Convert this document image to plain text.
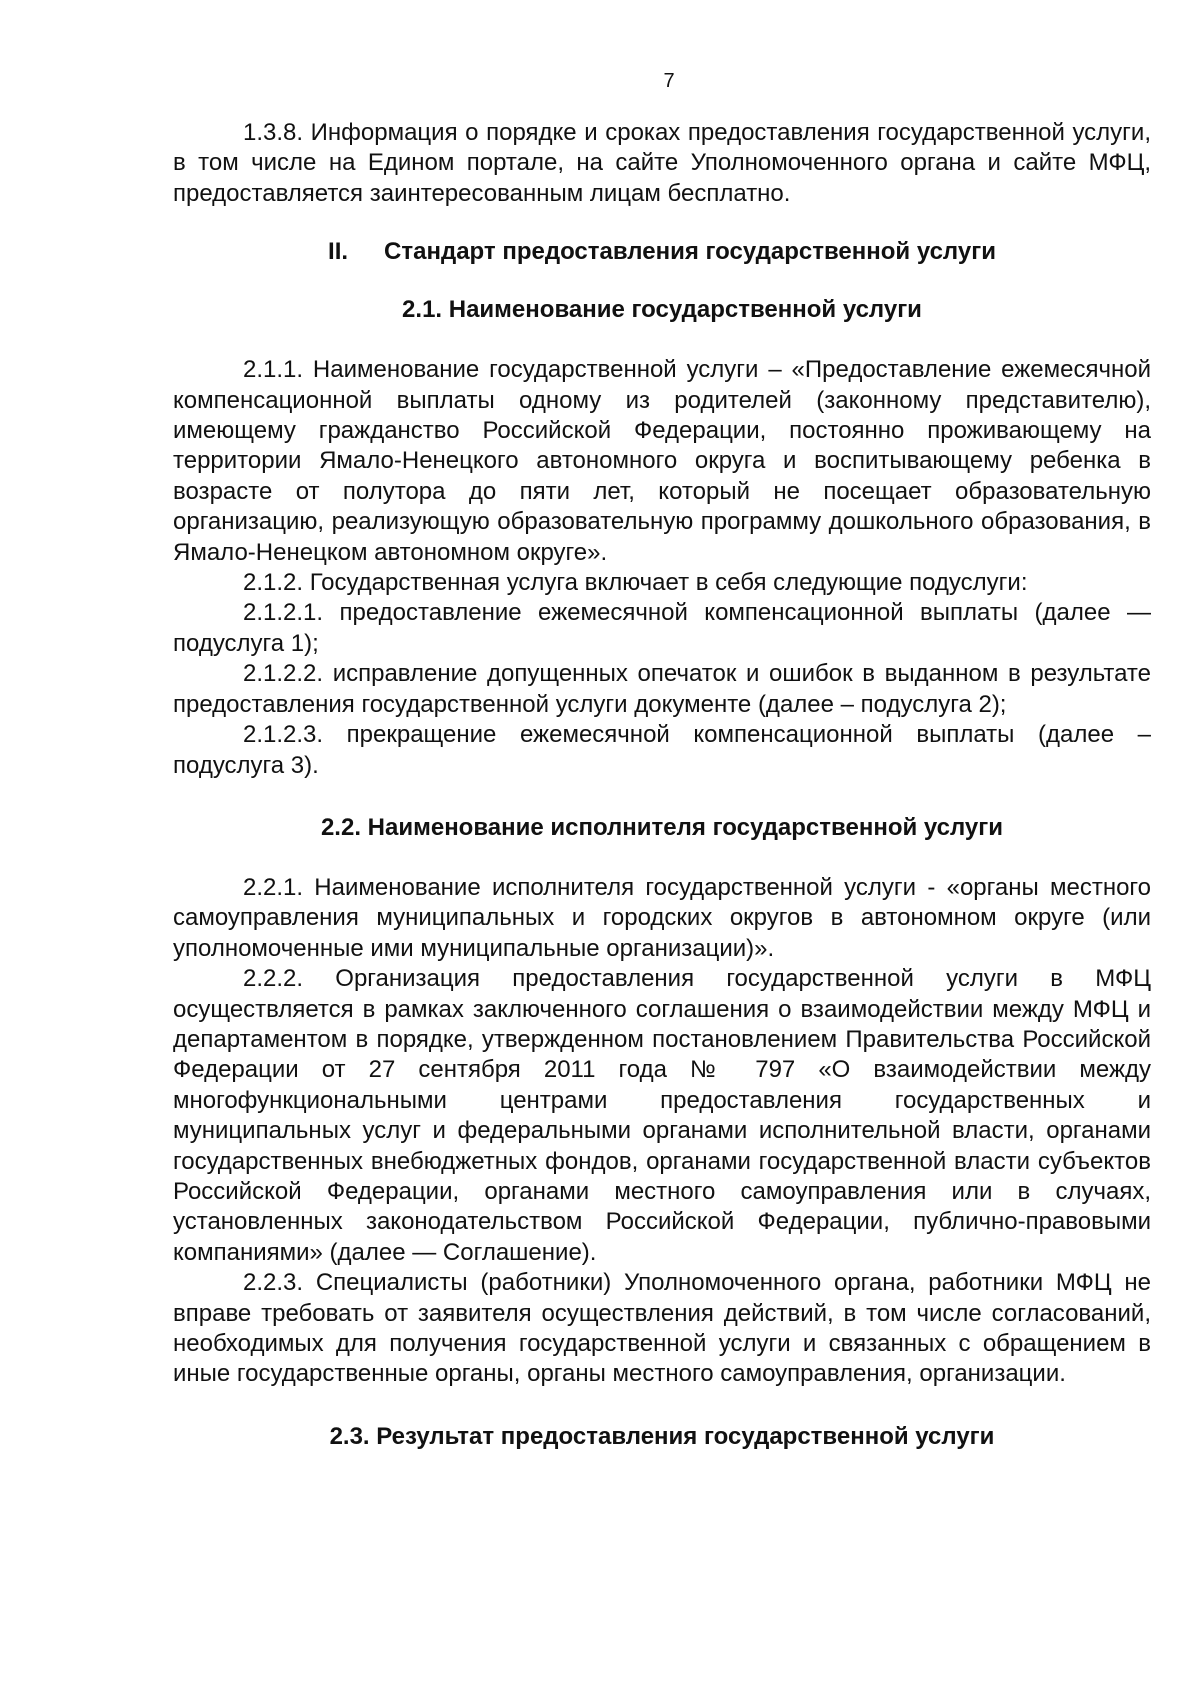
7

1.3.8. Информация о порядке и сроках предоставления государственной услуги, в том числе на Едином портале, на сайте Уполномоченного органа и сайте МФЦ, предоставляется заинтересованным лицам бесплатно.

II. Стандарт предоставления государственной услуги
2.1. Наименование государственной услуги

2.1.1. Наименование государственной услуги – «Предоставление ежемесячной компенсационной выплаты одному из родителей (законному представителю), имеющему гражданство Российской Федерации, постоянно проживающему на территории Ямало-Ненецкого автономного округа и воспитывающему ребенка в возрасте от полутора до пяти лет, который не посещает образовательную организацию, реализующую образовательную программу дошкольного образования, в Ямало-Ненецком автономном округе».

2.1.2. Государственная услуга включает в себя следующие подуслуги:

2.1.2.1. предоставление ежемесячной компенсационной выплаты (далее — подуслуга 1);

2.1.2.2. исправление допущенных опечаток и ошибок в выданном в результате предоставления государственной услуги документе (далее – подуслуга 2);

2.1.2.3. прекращение ежемесячной компенсационной выплаты (далее – подуслуга 3).

2.2. Наименование исполнителя государственной услуги

2.2.1. Наименование исполнителя государственной услуги - «органы местного самоуправления муниципальных и городских округов в автономном округе (или уполномоченные ими муниципальные организации)».

2.2.2. Организация предоставления государственной услуги в МФЦ осуществляется в рамках заключенного соглашения о взаимодействии между МФЦ и департаментом в порядке, утвержденном постановлением Правительства Российской Федерации от 27 сентября 2011 года № 797 «О взаимодействии между многофункциональными центрами предоставления государственных и муниципальных услуг и федеральными органами исполнительной власти, органами государственных внебюджетных фондов, органами государственной власти субъектов Российской Федерации, органами местного самоуправления или в случаях, установленных законодательством Российской Федерации, публично-правовыми компаниями» (далее — Соглашение).

2.2.3. Специалисты (работники) Уполномоченного органа, работники МФЦ не вправе требовать от заявителя осуществления действий, в том числе согласований, необходимых для получения государственной услуги и связанных с обращением в иные государственные органы, органы местного самоуправления, организации.

2.3. Результат предоставления государственной услуги
